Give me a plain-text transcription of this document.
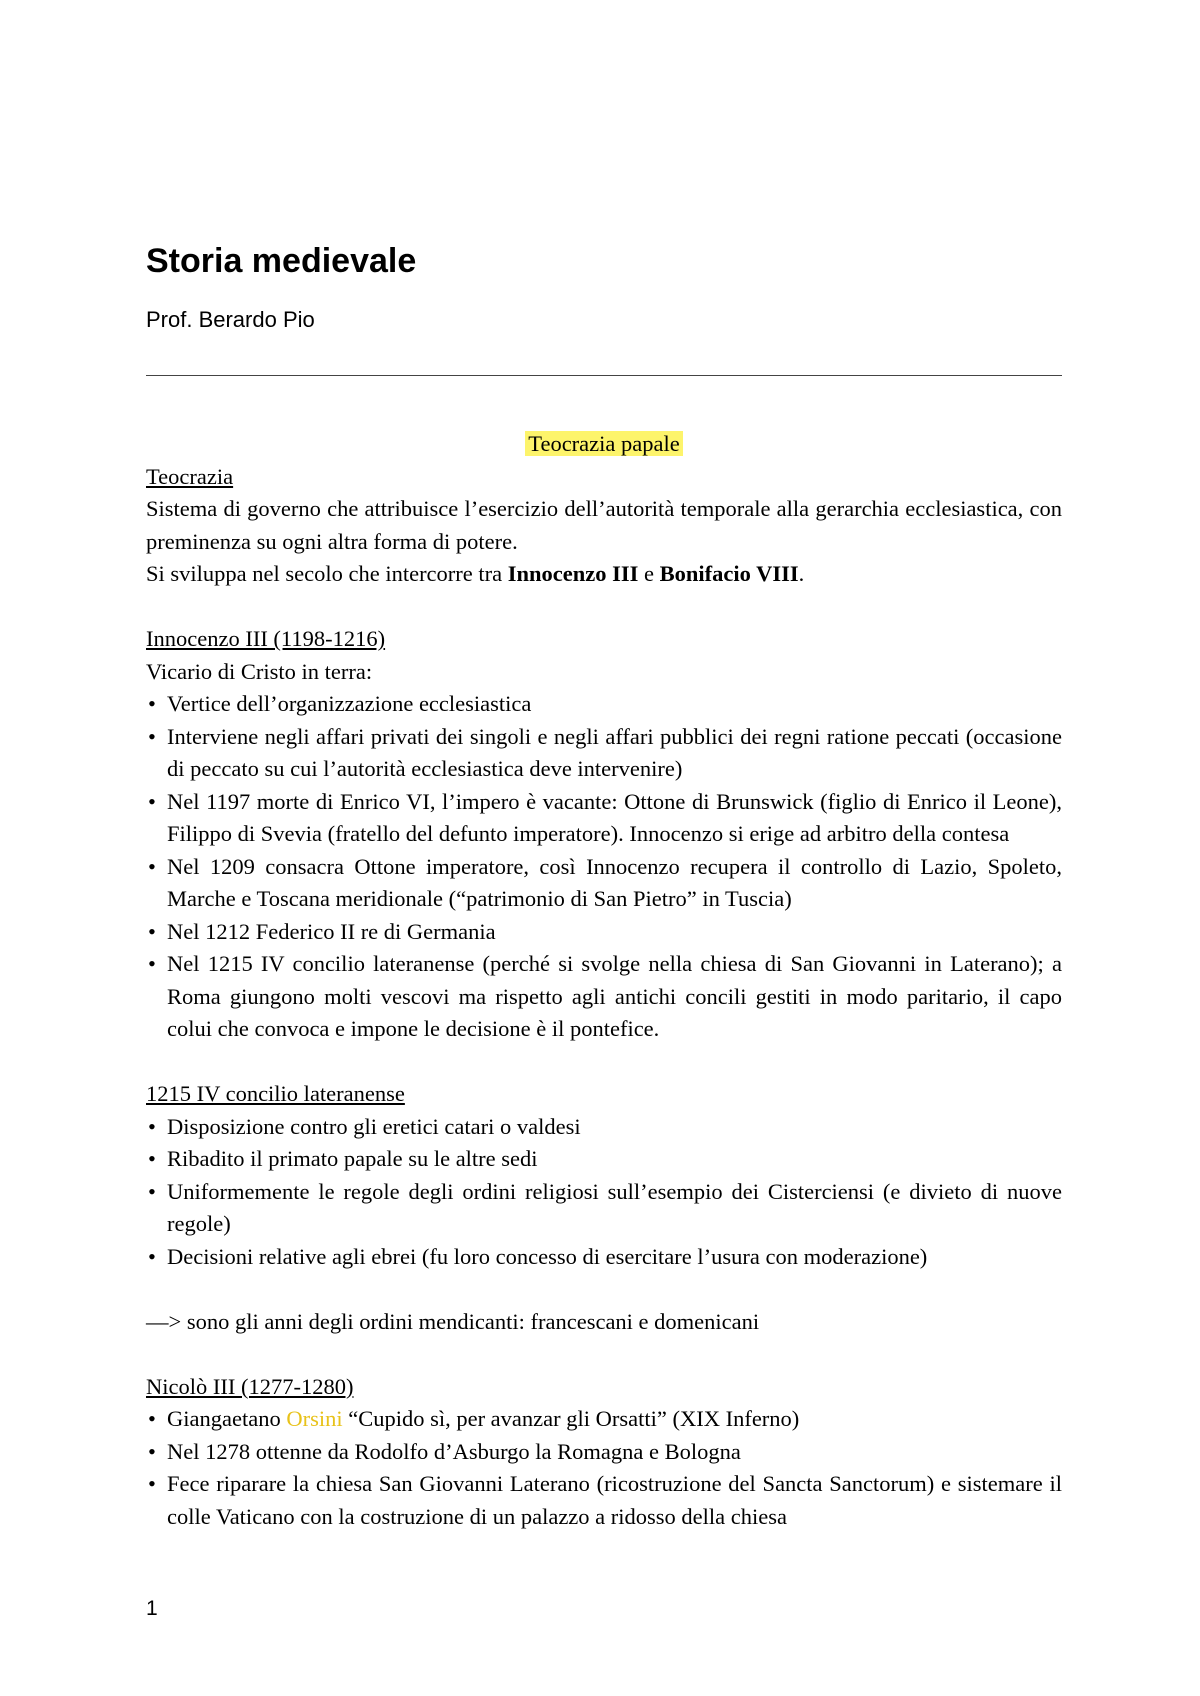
Storia medievale

Prof. Berardo Pio

Teocrazia papale

Teocrazia

Sistema di governo che attribuisce l’esercizio dell’autorità temporale alla gerarchia ecclesiastica, con preminenza su ogni altra forma di potere.

Si sviluppa nel secolo che intercorre tra Innocenzo III e Bonifacio VIII.

Innocenzo III (1198-1216)

Vicario di Cristo in terra:

• Vertice dell’organizzazione ecclesiastica
• Interviene negli affari privati dei singoli e negli affari pubblici dei regni ratione peccati (occasione di peccato su cui l’autorità ecclesiastica deve intervenire)
• Nel 1197 morte di Enrico VI, l’impero è vacante: Ottone di Brunswick (figlio di Enrico il Leone), Filippo di Svevia (fratello del defunto imperatore). Innocenzo si erige ad arbitro della contesa
• Nel 1209 consacra Ottone imperatore, così Innocenzo recupera il controllo di Lazio, Spoleto, Marche e Toscana meridionale (“patrimonio di San Pietro” in Tuscia)
• Nel 1212 Federico II re di Germania
• Nel 1215 IV concilio lateranense (perché si svolge nella chiesa di San Giovanni in Laterano); a Roma giungono molti vescovi ma rispetto agli antichi concili gestiti in modo paritario, il capo colui che convoca e impone le decisione è il pontefice.

1215 IV concilio lateranense

• Disposizione contro gli eretici catari o valdesi
• Ribadito il primato papale su le altre sedi
• Uniformemente le regole degli ordini religiosi sull’esempio dei Cisterciensi (e divieto di nuove regole)
• Decisioni relative agli ebrei (fu loro concesso di esercitare l’usura con moderazione)

—> sono gli anni degli ordini mendicanti: francescani e domenicani

Nicolò III (1277-1280)

• Giangaetano Orsini “Cupido sì, per avanzar gli Orsatti” (XIX Inferno)
• Nel 1278 ottenne da Rodolfo d’Asburgo la Romagna e Bologna
• Fece riparare la chiesa San Giovanni Laterano (ricostruzione del Sancta Sanctorum) e sistemare il colle Vaticano con la costruzione di un palazzo a ridosso della chiesa
1
